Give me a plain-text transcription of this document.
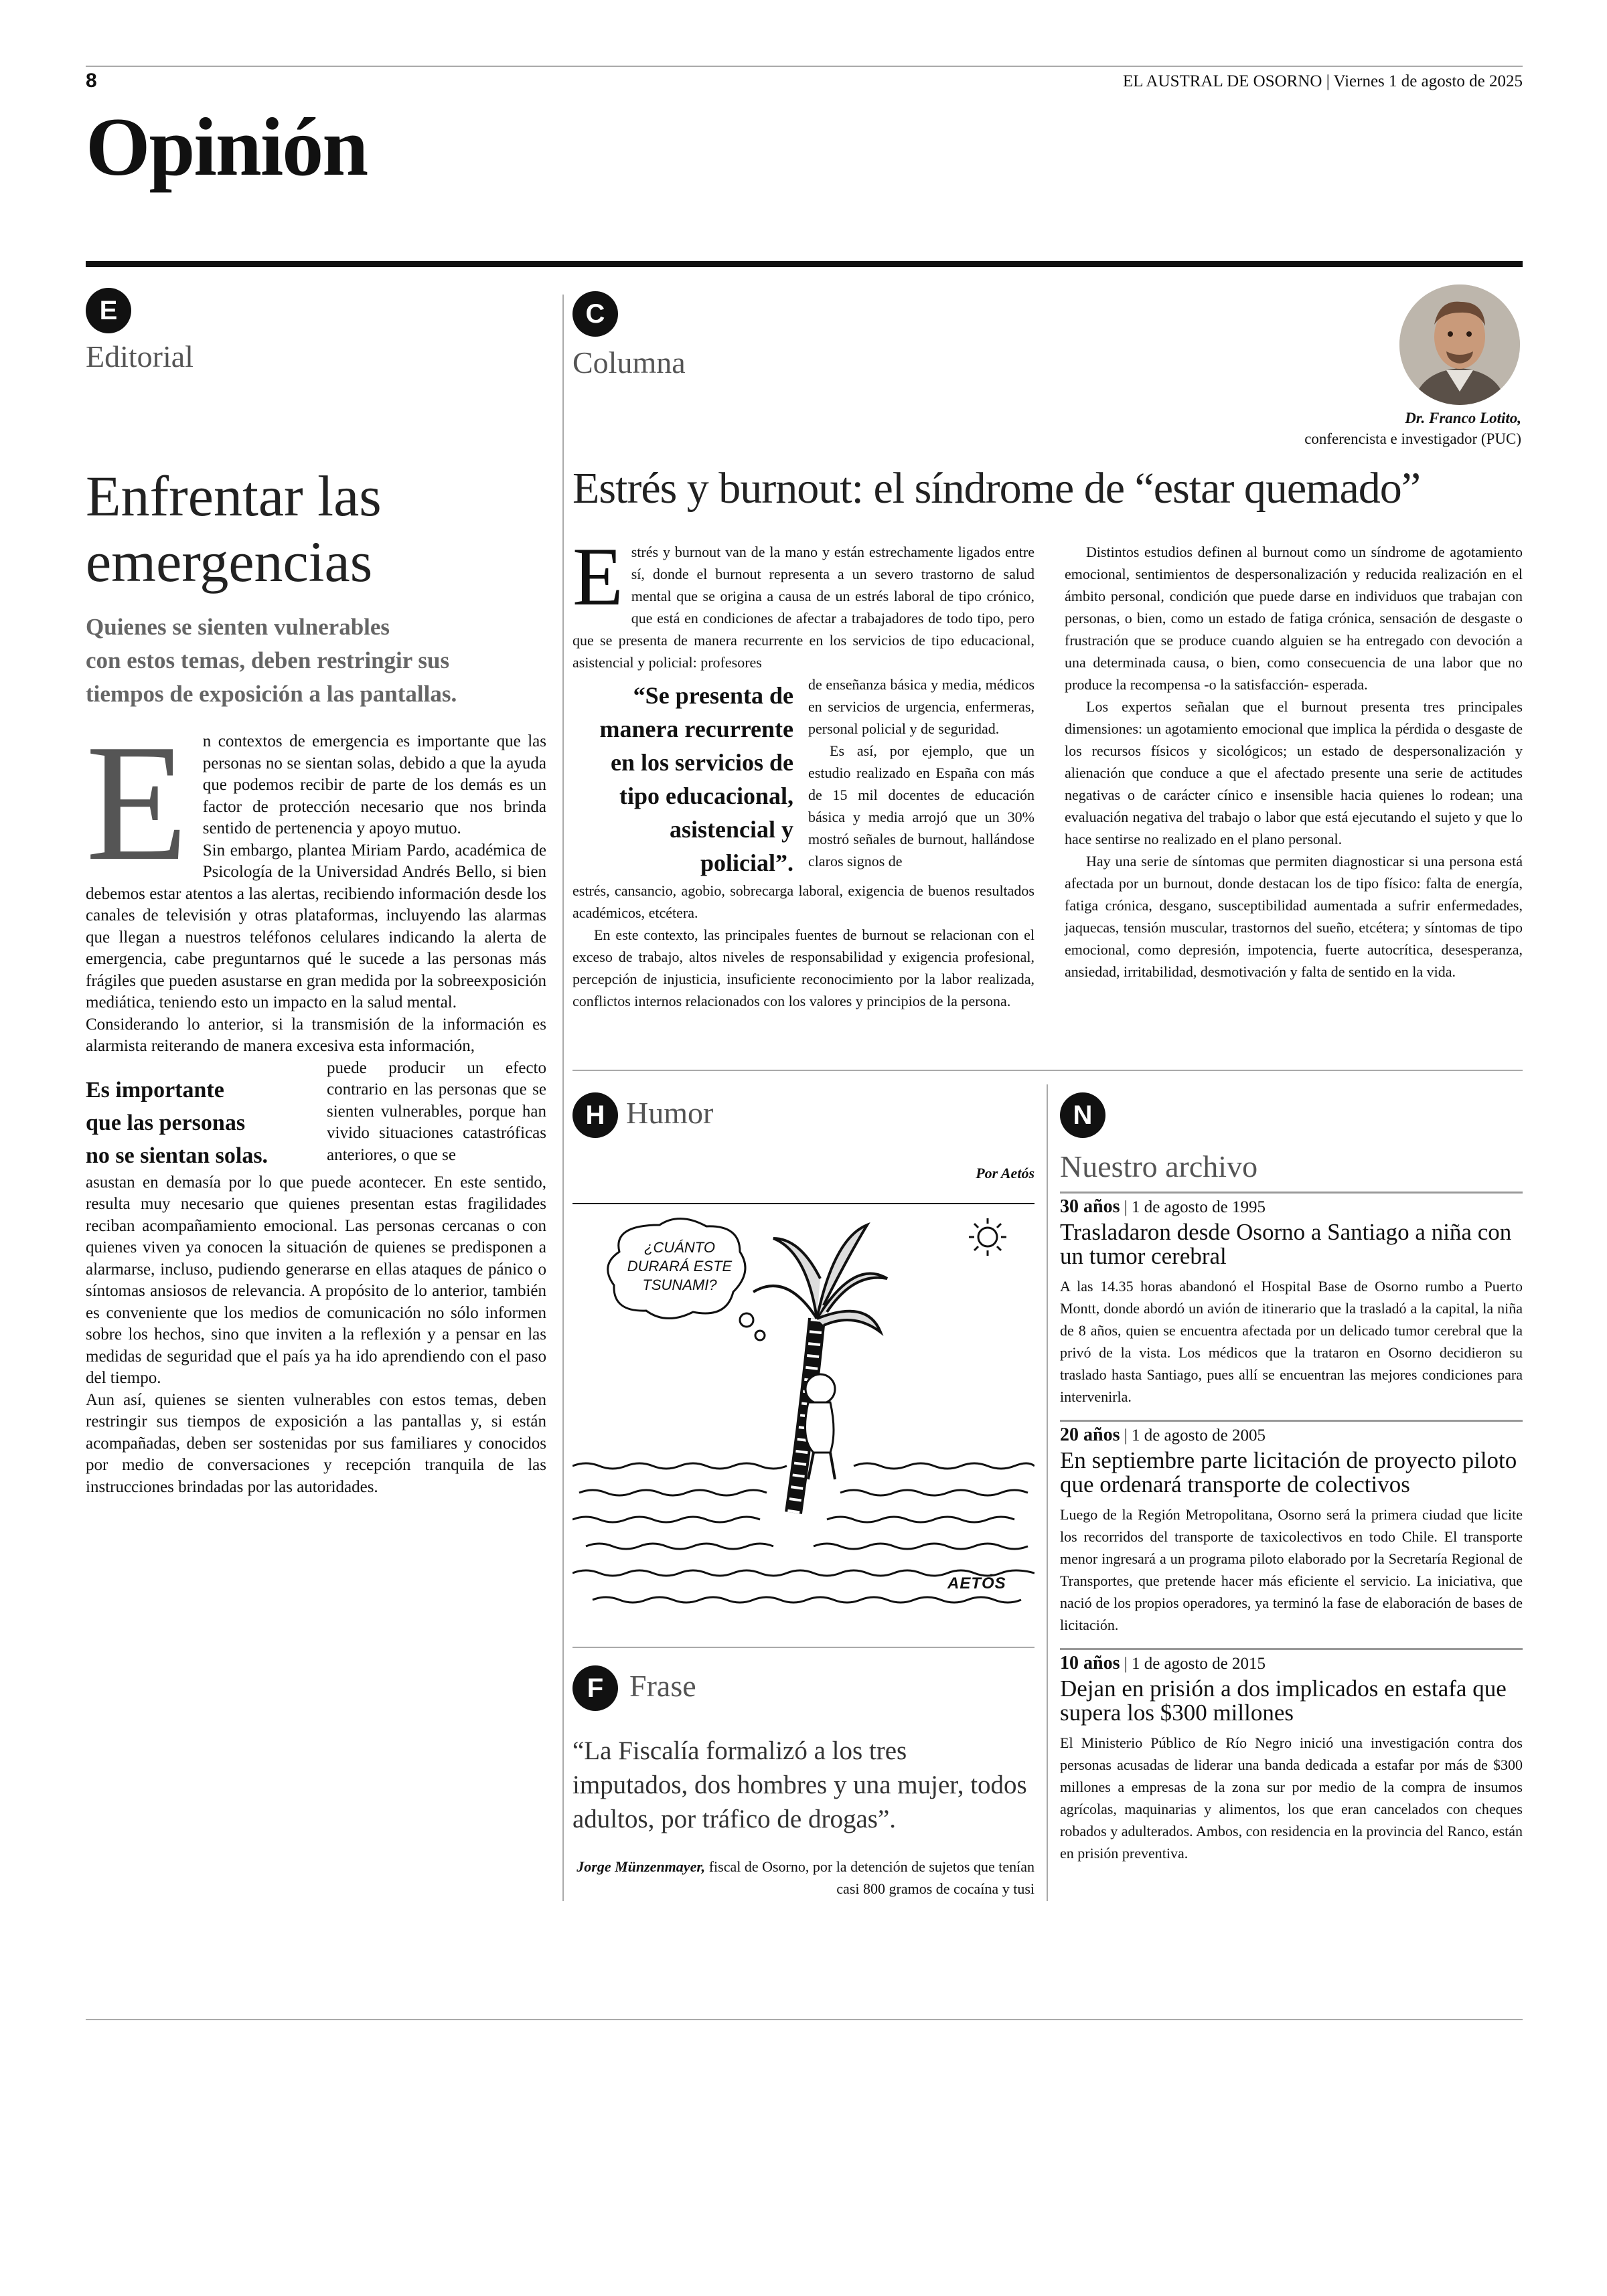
8	EL AUSTRAL DE OSORNO | Viernes 1 de agosto de 2025
Opinión
E
Editorial
Enfrentar las
emergencias
Quienes se sienten vulnerables
con estos temas, deben restringir sus
tiempos de exposición a las pantallas.

E n contextos de emergencia es importante que las personas no se sientan solas, debido a que la ayuda que podemos recibir de parte de los demás es un factor de protección necesario que nos brinda sentido de pertenencia y apoyo mutuo.

Sin embargo, plantea Miriam Pardo, académica de Psicología de la Universidad Andrés Bello, si bien debemos estar atentos a las alertas, recibiendo información desde los canales de televisión y otras plataformas, incluyendo las alarmas que llegan a nuestros teléfonos celulares indicando la alerta de emergencia, cabe preguntarnos qué le sucede a las personas más frágiles que pueden asustarse en gran medida por la sobreexposición mediática, teniendo esto un impacto en la salud mental.

Considerando lo anterior, si la transmisión de la información es alarmista reiterando de manera excesiva esta información,

Es importante
que las personas
no se sientan solas.

puede producir un efecto contrario en las personas que se sienten vulnerables, porque han vivido situaciones catastróficas anteriores, o que se

asustan en demasía por lo que puede acontecer. En este sentido, resulta muy necesario que quienes presentan estas fragilidades reciban acompañamiento emocional. Las personas cercanas o con quienes viven ya conocen la situación de quienes se predisponen a alarmarse, incluso, pudiendo generarse en ellas ataques de pánico o síntomas ansiosos de relevancia. A propósito de lo anterior, también es conveniente que los medios de comunicación no sólo informen sobre los hechos, sino que inviten a la reflexión y a pensar en las medidas de seguridad que el país ya ha ido aprendiendo con el paso del tiempo.

Aun así, quienes se sienten vulnerables con estos temas, deben restringir sus tiempos de exposición a las pantallas y, si están acompañadas, deben ser sostenidas por sus familiares y conocidos por medio de conversaciones y recepción tranquila de las instrucciones brindadas por las autoridades.

C
Columna
Dr. Franco Lotito,
conferencista e investigador (PUC)
Estrés y burnout: el síndrome de “estar quemado”

E strés y burnout van de la mano y están estrechamente ligados entre sí, donde el burnout representa a un severo trastorno de salud mental que se origina a causa de un estrés laboral de tipo crónico, que está en condiciones de afectar a trabajadores de todo tipo, pero que se presenta de manera recurrente en los servicios de tipo educacional, asistencial y policial: profesores

“Se presenta de
manera recurrente
en los servicios de
tipo educacional,
asistencial y
policial”.

de enseñanza básica y media, médicos en servicios de urgencia, enfermeras, personal policial y de seguridad.

Es así, por ejemplo, que un estudio realizado en España con más de 15 mil docentes de educación básica y media arrojó que un 30% mostró señales de burnout, hallándose claros signos de

estrés, cansancio, agobio, sobrecarga laboral, exigencia de buenos resultados académicos, etcétera.

En este contexto, las principales fuentes de burnout se relacionan con el exceso de trabajo, altos niveles de responsabilidad y exigencia profesional, percepción de injusticia, insuficiente reconocimiento por la labor realizada, conflictos internos relacionados con los valores y principios de la persona.

Distintos estudios definen al burnout como un síndrome de agotamiento emocional, sentimientos de despersonalización y reducida realización en el ámbito personal, condición que puede darse en individuos que trabajan con personas, o bien, como un estado de fatiga crónica, sensación de desgaste o frustración que se produce cuando alguien se ha entregado con devoción a una determinada causa, o bien, como consecuencia de una labor que no produce la recompensa -o la satisfacción- esperada.

Los expertos señalan que el burnout presenta tres principales dimensiones: un agotamiento emocional que implica la pérdida o desgaste de los recursos físicos y sicológicos; un estado de despersonalización y alienación que conduce a que el afectado presente una serie de actitudes negativas o de carácter cínico e insensible hacia quienes lo rodean; una evaluación negativa del trabajo o labor que está ejecutando el sujeto y que lo hace sentirse no realizado en el plano personal.

Hay una serie de síntomas que permiten diagnosticar si una persona está afectada por un burnout, donde destacan los de tipo físico: falta de energía, fatiga crónica, desgano, susceptibilidad aumentada a sufrir enfermedades, jaquecas, tensión muscular, trastornos del sueño, etcétera; y síntomas de tipo emocional, como depresión, impotencia, fuerte autocrítica, desesperanza, ansiedad, irritabilidad, desmotivación y falta de sentido en la vida.

H Humor
Por Aetós
¿CUÁNTO
DURARÁ ESTE
TSUNAMI?
AETÓS
F Frase
“La Fiscalía formalizó a los tres imputados, dos hombres y una mujer, todos adultos, por tráfico de drogas”.
Jorge Münzenmayer, fiscal de Osorno, por la detención de sujetos que tenían casi 800 gramos de cocaína y tusi
N
Nuestro archivo
30 años | 1 de agosto de 1995
Trasladaron desde Osorno a Santiago a niña con un tumor cerebral
A las 14.35 horas abandonó el Hospital Base de Osorno rumbo a Puerto Montt, donde abordó un avión de itinerario que la trasladó a la capital, la niña de 8 años, quien se encuentra afectada por un delicado tumor cerebral que la privó de la vista. Los médicos que la trataron en Osorno decidieron su traslado hasta Santiago, pues allí se encuentran las mejores condiciones para intervenirla.
20 años | 1 de agosto de 2005
En septiembre parte licitación de proyecto piloto que ordenará transporte de colectivos
Luego de la Región Metropolitana, Osorno será la primera ciudad que licite los recorridos del transporte de taxicolectivos en todo Chile. El transporte menor ingresará a un programa piloto elaborado por la Secretaría Regional de Transportes, que pretende hacer más eficiente el servicio. La iniciativa, que nació de los propios operadores, ya terminó la fase de elaboración de bases de licitación.
10 años | 1 de agosto de 2015
Dejan en prisión a dos implicados en estafa que supera los $300 millones
El Ministerio Público de Río Negro inició una investigación contra dos personas acusadas de liderar una banda dedicada a estafar por más de $300 millones a empresas de la zona sur por medio de la compra de insumos agrícolas, maquinarias y alimentos, los que eran cancelados con cheques robados y adulterados. Ambos, con residencia en la provincia del Ranco, están en prisión preventiva.
